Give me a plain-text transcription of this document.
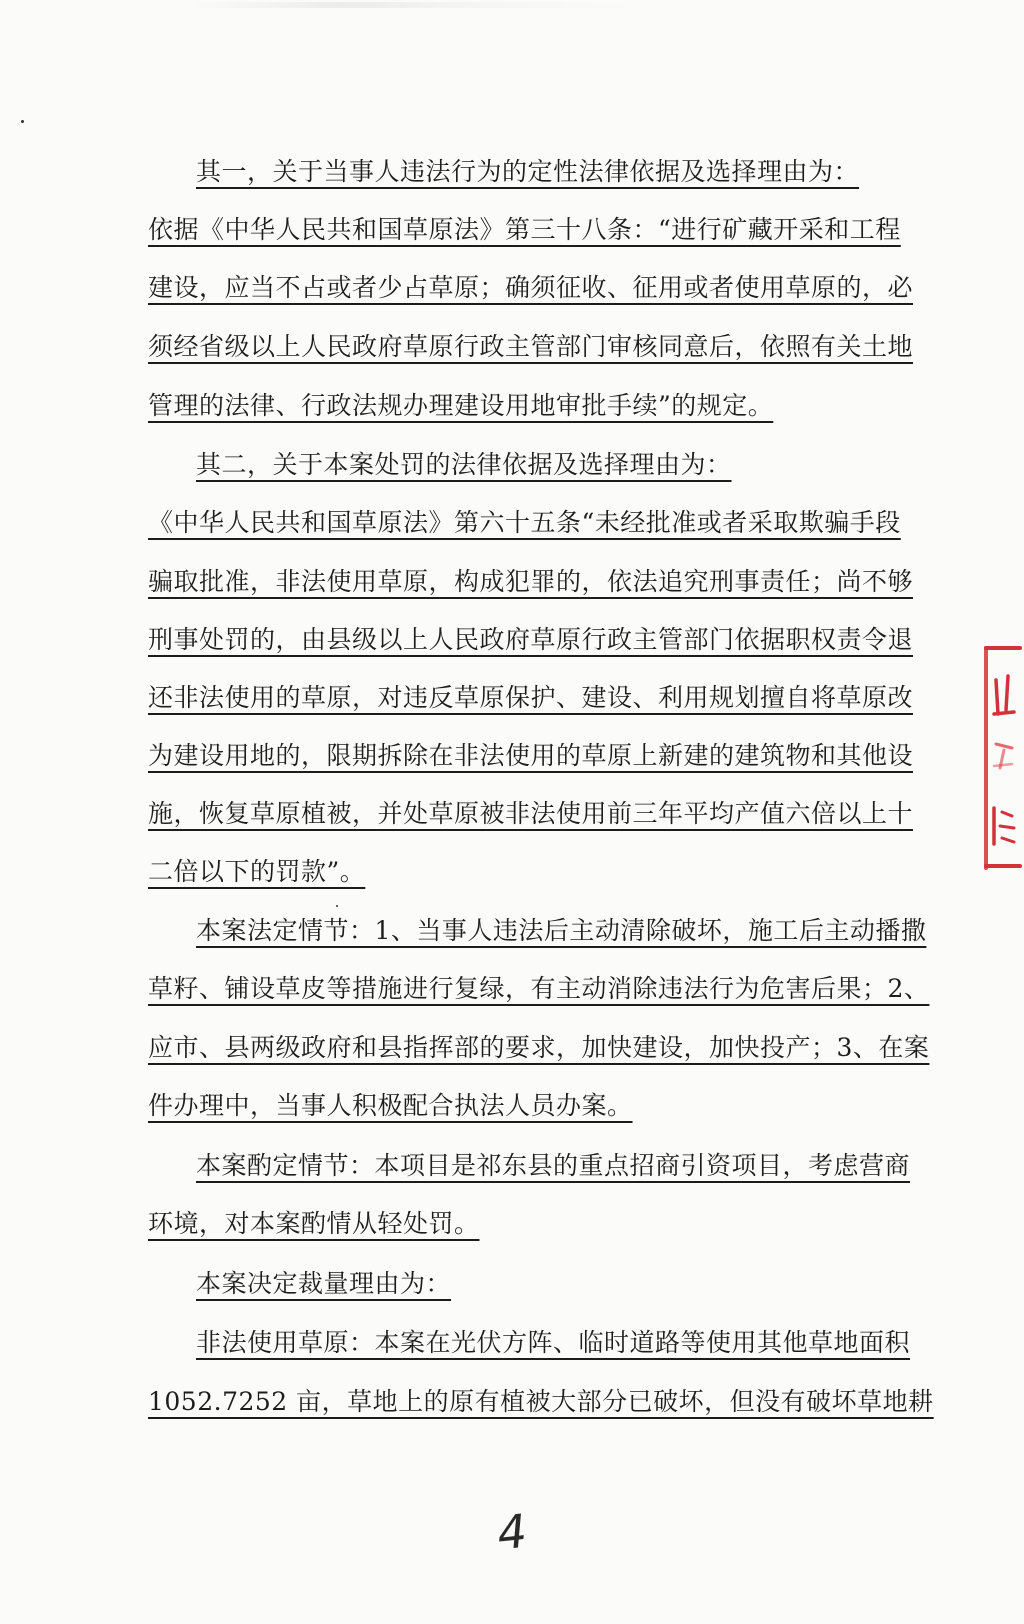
其一，关于当事人违法行为的定性法律依据及选择理由为：
依据《中华人民共和国草原法》第三十八条：“进行矿藏开采和工程
建设，应当不占或者少占草原；确须征收、征用或者使用草原的，必
须经省级以上人民政府草原行政主管部门审核同意后，依照有关土地
管理的法律、行政法规办理建设用地审批手续”的规定。
其二，关于本案处罚的法律依据及选择理由为：
《中华人民共和国草原法》第六十五条“未经批准或者采取欺骗手段
骗取批准，非法使用草原，构成犯罪的，依法追究刑事责任；尚不够
刑事处罚的，由县级以上人民政府草原行政主管部门依据职权责令退
还非法使用的草原，对违反草原保护、建设、利用规划擅自将草原改
为建设用地的，限期拆除在非法使用的草原上新建的建筑物和其他设
施，恢复草原植被，并处草原被非法使用前三年平均产值六倍以上十
二倍以下的罚款”。
本案法定情节：1、当事人违法后主动清除破坏，施工后主动播撒
草籽、铺设草皮等措施进行复绿，有主动消除违法行为危害后果；2、
应市、县两级政府和县指挥部的要求，加快建设，加快投产；3、在案
件办理中，当事人积极配合执法人员办案。
本案酌定情节：本项目是祁东县的重点招商引资项目，考虑营商
环境，对本案酌情从轻处罚。
本案决定裁量理由为：
非法使用草原：本案在光伏方阵、临时道路等使用其他草地面积
1052.7252 亩，草地上的原有植被大部分已破坏，但没有破坏草地耕
4
